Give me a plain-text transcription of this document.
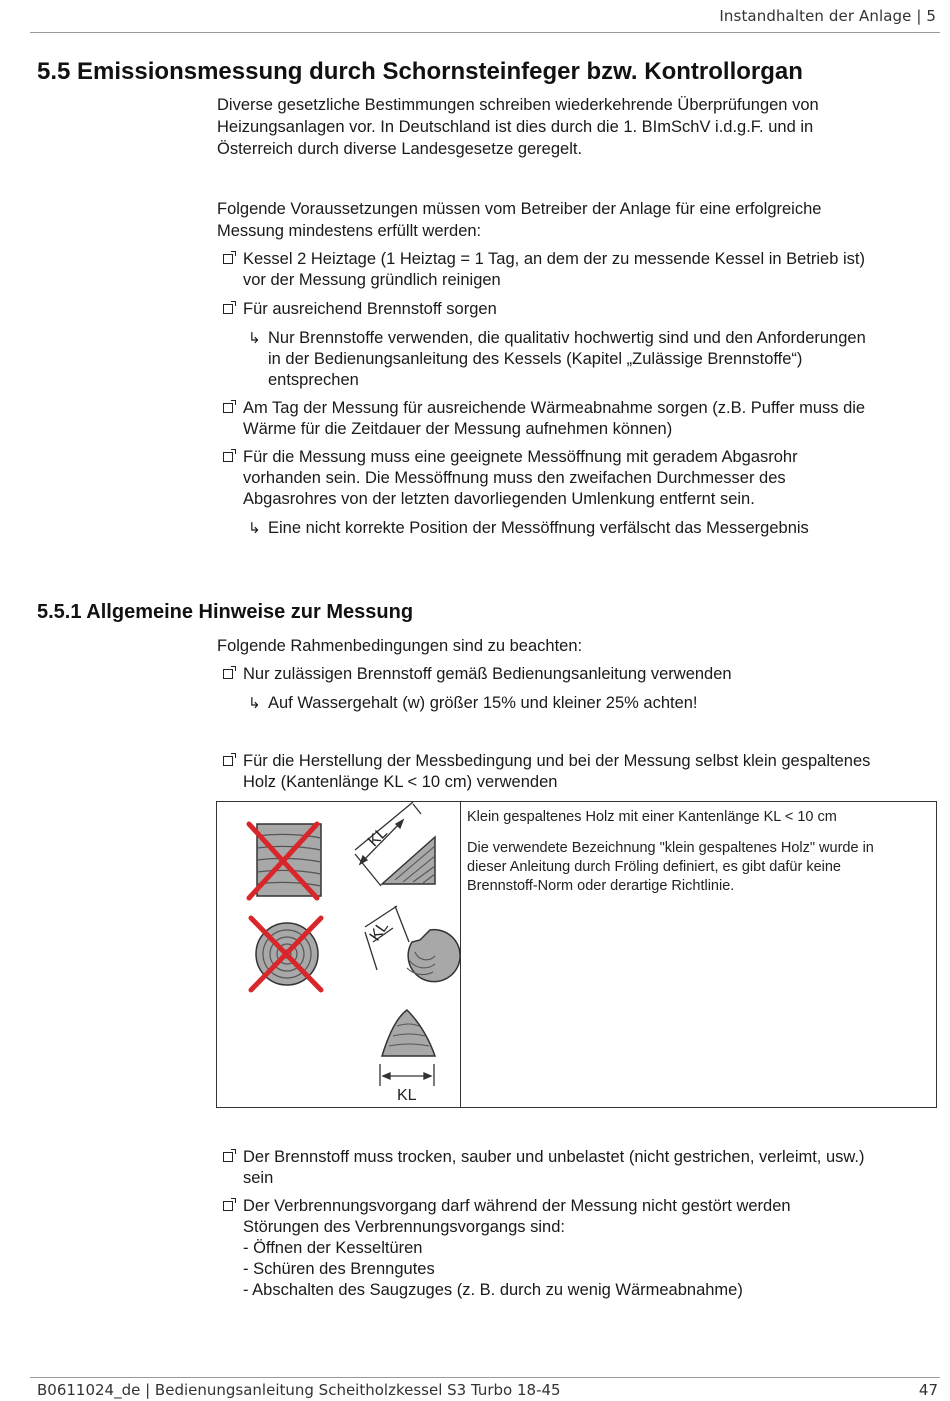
Instandhalten der Anlage | 5
5.5 Emissionsmessung durch Schornsteinfeger bzw. Kontrollorgan

Diverse gesetzliche Bestimmungen schreiben wiederkehrende Überprüfungen von

Heizungsanlagen vor. In Deutschland ist dies durch die 1. BImSchV i.d.g.F. und in

Österreich durch diverse Landesgesetze geregelt.

Folgende Voraussetzungen müssen vom Betreiber der Anlage für eine erfolgreiche

Messung mindestens erfüllt werden:

Kessel 2 Heiztage (1 Heiztag = 1 Tag, an dem der zu messende Kessel in Betrieb ist)
vor der Messung gründlich reinigen
Für ausreichend Brennstoff sorgen
↳ Nur Brennstoffe verwenden, die qualitativ hochwertig sind und den Anforderungen
in der Bedienungsanleitung des Kessels (Kapitel „Zulässige Brennstoffe“)
entsprechen
Am Tag der Messung für ausreichende Wärmeabnahme sorgen (z.B. Puffer muss die
Wärme für die Zeitdauer der Messung aufnehmen können)
Für die Messung muss eine geeignete Messöffnung mit geradem Abgasrohr
vorhanden sein. Die Messöffnung muss den zweifachen Durchmesser des
Abgasrohres von der letzten davorliegenden Umlenkung entfernt sein.
↳ Eine nicht korrekte Position der Messöffnung verfälscht das Messergebnis
5.5.1 Allgemeine Hinweise zur Messung
Folgende Rahmenbedingungen sind zu beachten:
Nur zulässigen Brennstoff gemäß Bedienungsanleitung verwenden
↳ Auf Wassergehalt (w) größer 15% und kleiner 25% achten!
Für die Herstellung der Messbedingung und bei der Messung selbst klein gespaltenes
Holz (Kantenlänge KL < 10 cm) verwenden
KL
KL
KL
Klein gespaltenes Holz mit einer Kantenlänge KL < 10 cm
Die verwendete Bezeichnung "klein gespaltenes Holz" wurde in
dieser Anleitung durch Fröling definiert, es gibt dafür keine
Brennstoff-Norm oder derartige Richtlinie.
Der Brennstoff muss trocken, sauber und unbelastet (nicht gestrichen, verleimt, usw.)
sein
Der Verbrennungsvorgang darf während der Messung nicht gestört werden
Störungen des Verbrennungsvorgangs sind:
- Öffnen der Kesseltüren
- Schüren des Brenngutes
- Abschalten des Saugzuges (z. B. durch zu wenig Wärmeabnahme)
B0611024_de | Bedienungsanleitung Scheitholzkessel S3 Turbo 18-45	47
